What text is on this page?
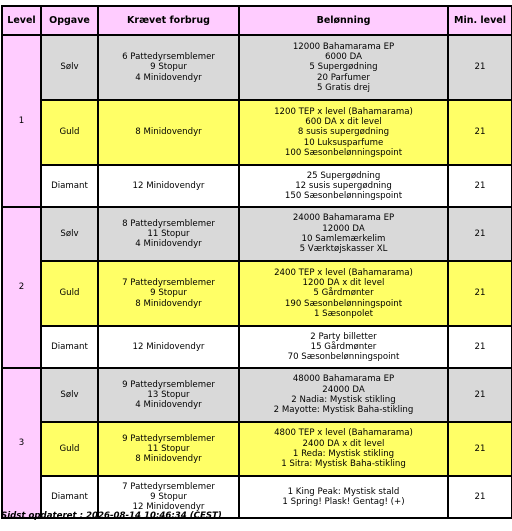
Level	Opgave	Krævet forbrug	Belønning	Min. level
1	Sølv	6 Pattedyrsemblemer
9 Stopur
4 Minidovendyr	12000 Bahamarama EP
6000 DA
5 Supergødning
20 Parfumer
5 Gratis drej	21
	Guld	8 Minidovendyr	1200 TEP x level (Bahamarama)
600 DA x dit level
8 susis supergødning
10 Luksusparfume
100 Sæsonbelønningspoint	21
	Diamant	12 Minidovendyr	25 Supergødning
12 susis supergødning
150 Sæsonbelønningspoint	21
2	Sølv	8 Pattedyrsemblemer
11 Stopur
4 Minidovendyr	24000 Bahamarama EP
12000 DA
10 Samlemærkelim
5 Værktøjskasser XL	21
	Guld	7 Pattedyrsemblemer
9 Stopur
8 Minidovendyr	2400 TEP x level (Bahamarama)
1200 DA x dit level
5 Gårdmønter
190 Sæsonbelønningspoint
1 Sæsonpolet	21
	Diamant	12 Minidovendyr	2 Party billetter
15 Gårdmønter
70 Sæsonbelønningspoint	21
3	Sølv	9 Pattedyrsemblemer
13 Stopur
4 Minidovendyr	48000 Bahamarama EP
24000 DA
2 Nadia: Mystisk stikling
2 Mayotte: Mystisk Baha-stikling	21
	Guld	9 Pattedyrsemblemer
11 Stopur
8 Minidovendyr	4800 TEP x level (Bahamarama)
2400 DA x dit level
1 Reda: Mystisk stikling
1 Sitra: Mystisk Baha-stikling	21
	Diamant	7 Pattedyrsemblemer
9 Stopur
12 Minidovendyr	1 King Peak: Mystisk stald
1 Spring! Plask! Gentag! (+)	21
Sidst opdateret : 2026-08-14 10:46:34 (CEST)
